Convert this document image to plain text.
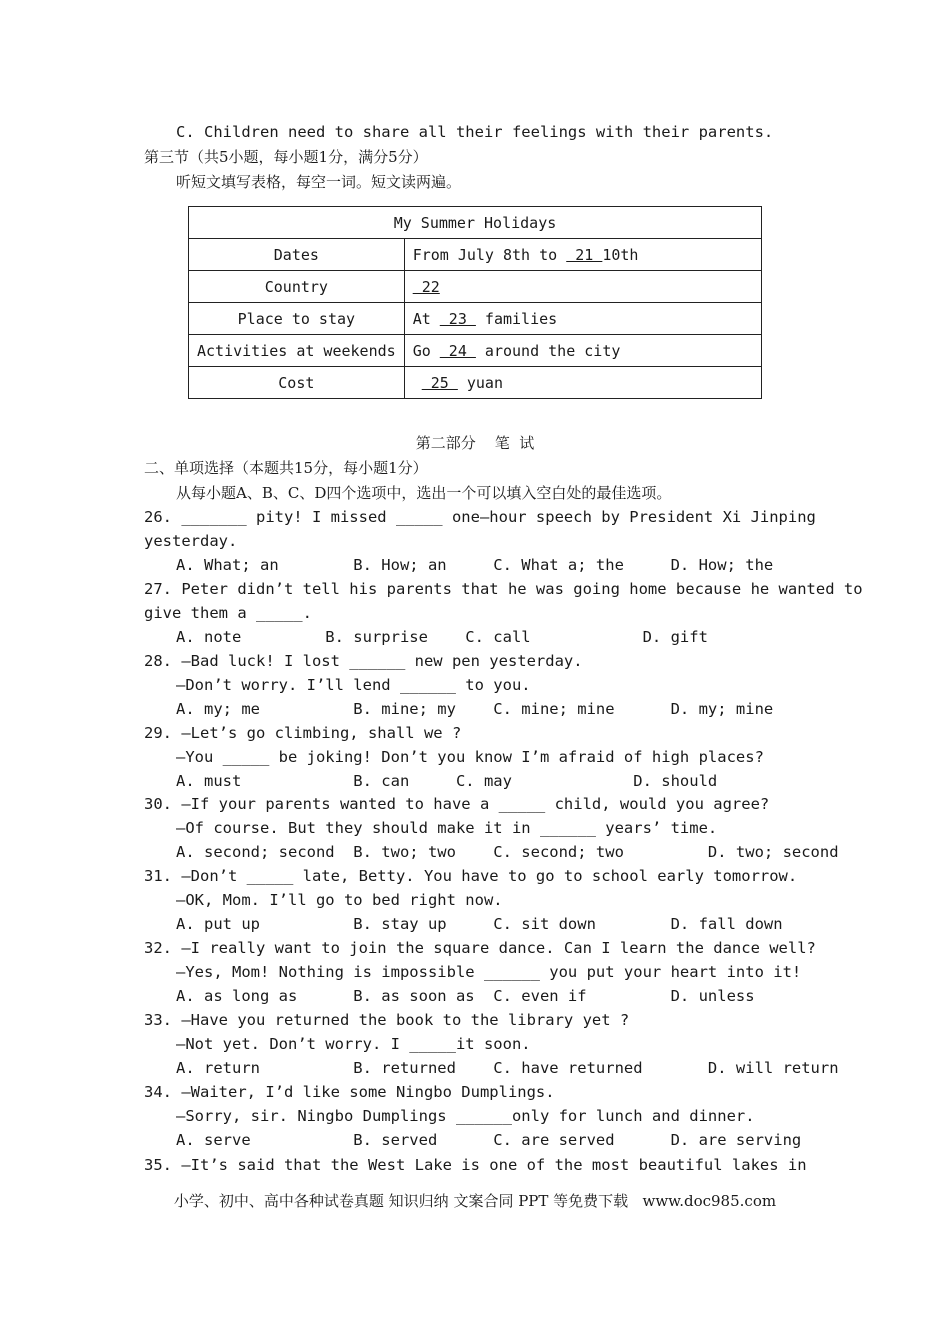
C. Children need to share all their feelings with their parents.
第三节（共5小题，每小题1分，满分5分）
听短文填写表格，每空一词。短文读两遍。
My Summer Holidays	
Dates	From July 8th to  21 10th
Country	22
Place to stay	At  23  families
Activities at weekends	Go  24  around the city
Cost	25  yuan
第二部分    笔  试
二、单项选择（本题共15分，每小题1分）
从每小题A、B、C、D四个选项中，选出一个可以填入空白处的最佳选项。
26. _______ pity! I missed _____ one—hour speech by President Xi Jinping
yesterday.
A. What; an        B. How; an     C. What a; the     D. How; the
27. Peter didn’t tell his parents that he was going home because he wanted to
give them a _____.
A. note         B. surprise    C. call            D. gift
28. —Bad luck! I lost ______ new pen yesterday.
—Don’t worry. I’ll lend ______ to you.
A. my; me          B. mine; my    C. mine; mine      D. my; mine
29. —Let’s go climbing, shall we ?
—You _____ be joking! Don’t you know I’m afraid of high places?
A. must            B. can     C. may             D. should
30. —If your parents wanted to have a _____ child, would you agree?
—Of course. But they should make it in ______ years’ time.
A. second; second  B. two; two    C. second; two         D. two; second
31. —Don’t _____ late, Betty. You have to go to school early tomorrow.
—OK, Mom. I’ll go to bed right now.
A. put up          B. stay up     C. sit down        D. fall down
32. —I really want to join the square dance. Can I learn the dance well?
—Yes, Mom! Nothing is impossible ______ you put your heart into it!
A. as long as      B. as soon as  C. even if         D. unless
33. —Have you returned the book to the library yet ?
—Not yet. Don’t worry. I _____it soon.
A. return          B. returned    C. have returned       D. will return
34. —Waiter, I’d like some Ningbo Dumplings.
—Sorry, sir. Ningbo Dumplings ______only for lunch and dinner.
A. serve           B. served      C. are served      D. are serving
35. —It’s said that the West Lake is one of the most beautiful lakes in
小学、初中、高中各种试卷真题 知识归纳 文案合同 PPT 等免费下载   www.doc985.com
